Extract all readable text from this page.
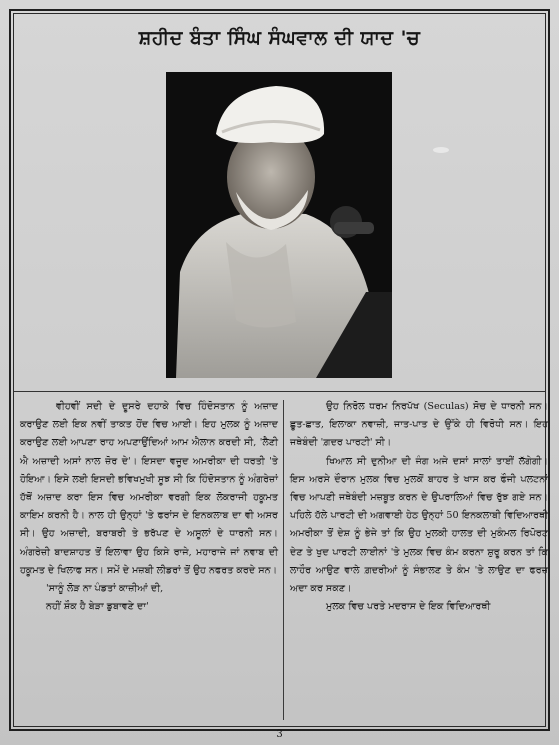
ਸ਼ਹੀਦ ਬੰਤਾ ਸਿੰਘ ਸੰਘਵਾਲ ਦੀ ਯਾਦ 'ਚ

ਵੀਹਵੀਂ ਸਦੀ ਦੇ ਦੂਸਰੇ ਦਹਾਕੇ ਵਿਚ ਹਿੰਦੋਸਤਾਨ ਨੂੰ ਅਜ਼ਾਦ ਕਰਾਉਣ ਲਈ ਇਕ ਨਵੀਂ ਤਾਕਤ ਹੋਂਦ ਵਿਚ ਆਈ। ਇਹ ਮੁਲਕ ਨੂੰ ਅਜ਼ਾਦ ਕਰਾਉਣ ਲਈ ਆਪਣਾ ਰਾਹ ਅਪਣਾਉਂਦਿਆਂ ਆਮ ਐਲਾਨ ਕਰਦੀ ਸੀ, 'ਲੈਣੀ ਐ ਅਜ਼ਾਦੀ ਅਸਾਂ ਨਾਲ ਜ਼ੋਰ ਦੇ'। ਇਸਦਾ ਵਜੂਦ ਅਮਰੀਕਾ ਦੀ ਧਰਤੀ 'ਤੇ ਹੋਇਆ। ਇਸੇ ਲਈ ਇਸਦੀ ਭਵਿਖਮੁਖੀ ਸੂਝ ਸੀ ਕਿ ਹਿੰਦੋਸਤਾਨ ਨੂੰ ਅੰਗਰੇਜ਼ਾਂ ਹੱਥੋਂ ਅਜ਼ਾਦ ਕਰਾ ਇਸ ਵਿਚ ਅਮਰੀਕਾ ਵਰਗੀ ਇਕ ਲੋਕਰਾਜੀ ਹਕੂਮਤ ਕਾਇਮ ਕਰਨੀ ਹੈ। ਨਾਲ ਹੀ ਉਨ੍ਹਾਂ 'ਤੇ ਫਰਾਂਸ ਦੇ ਇਨਕਲਾਬ ਦਾ ਵੀ ਅਸਰ ਸੀ। ਉਹ ਅਜ਼ਾਦੀ, ਬਰਾਬਰੀ ਤੇ ਭਰੱਪਣ ਦੇ ਅਸੂਲਾਂ ਦੇ ਧਾਰਨੀ ਸਨ। ਅੰਗਰੇਜ਼ੀ ਬਾਦਸ਼ਾਹਤ ਤੋਂ ਇਲਾਵਾ ਉਹ ਕਿਸੇ ਰਾਜੇ, ਮਹਾਰਾਜੇ ਜਾਂ ਨਵਾਬ ਦੀ ਹਕੂਮਤ ਦੇ ਖਿਲਾਫ ਸਨ। ਸਮੇਂ ਦੇ ਮਜ਼ਬੀ ਲੀਡਰਾਂ ਤੋਂ ਉਹ ਨਫਰਤ ਕਰਦੇ ਸਨ।

'ਸਾਨੂੰ ਲੋੜ ਨਾ ਪੰਡਤਾਂ ਕਾਜ਼ੀਆਂ ਦੀ,

ਨਹੀਂ ਸ਼ੌਕ ਹੈ ਬੇੜਾ ਡੁਬਾਵਣੇ ਦਾ'

ਉਹ ਨਿਰੋਲ ਧਰਮ ਨਿਰਪੱਖ (Seculas) ਸੋਚ ਦੇ ਧਾਰਨੀ ਸਨ। ਛੂਤ-ਛਾਤ, ਇਲਾਕਾ ਨਵਾਜ਼ੀ, ਜਾਤ-ਪਾਤ ਦੇ ਉੱਕੇ ਹੀ ਵਿਰੋਧੀ ਸਨ। ਇਹ ਜਥੇਬੰਦੀ 'ਗ਼ਦਰ ਪਾਰਟੀ' ਸੀ।

ਖਿਆਲ ਸੀ ਦੁਨੀਆ ਦੀ ਜੰਗ ਅਜੇ ਦਸਾਂ ਸਾਲਾਂ ਤਾਈਂ ਲੱਗੇਗੀ। ਇਸ ਅਰਸੇ ਦੌਰਾਨ ਮੁਲਕ ਵਿਚ ਮੁਲਕੋਂ ਬਾਹਰ ਤੇ ਖਾਸ ਕਰ ਫੌਜੀ ਪਲਟਨਾਂ ਵਿਚ ਆਪਣੀ ਜਥੇਬੰਦੀ ਮਜ਼ਬੂਤ ਕਰਨ ਦੇ ਉਪਰਾਲਿਆਂ ਵਿਚ ਰੁੱਝ ਗਏ ਸਨ। ਪਹਿਲੇ ਹੱਲੇ ਪਾਰਟੀ ਦੀ ਅਗਵਾਈ ਹੇਠ ਉਨ੍ਹਾਂ 50 ਇਨਕਲਾਬੀ ਵਿਦਿਆਰਥੀ ਅਮਰੀਕਾ ਤੋਂ ਦੇਸ਼ ਨੂੰ ਭੇਜੇ ਤਾਂ ਕਿ ਉਹ ਮੁਲਕੀ ਹਾਲਤ ਦੀ ਮੁਕੰਮਲ ਰਿਪੋਰਟ ਦੇਣ ਤੇ ਖੁਦ ਪਾਰਟੀ ਲਾਈਨਾਂ 'ਤੇ ਮੁਲਕ ਵਿਚ ਕੰਮ ਕਰਨਾ ਸ਼ੁਰੂ ਕਰਨ ਤਾਂ ਕਿ ਲਾਹੌਰ ਆਉਣ ਵਾਲੇ ਗ਼ਦਰੀਆਂ ਨੂੰ ਸੰਭਾਲਣ ਤੇ ਕੰਮ 'ਤੇ ਲਾਉਣ ਦਾ ਫਰਜ਼ ਅਦਾ ਕਰ ਸਕਣ।

ਮੁਲਕ ਵਿਚ ਪਰਤੇ ਮਦਰਾਸ ਦੇ ਇਕ ਵਿਦਿਆਰਥੀ

3
